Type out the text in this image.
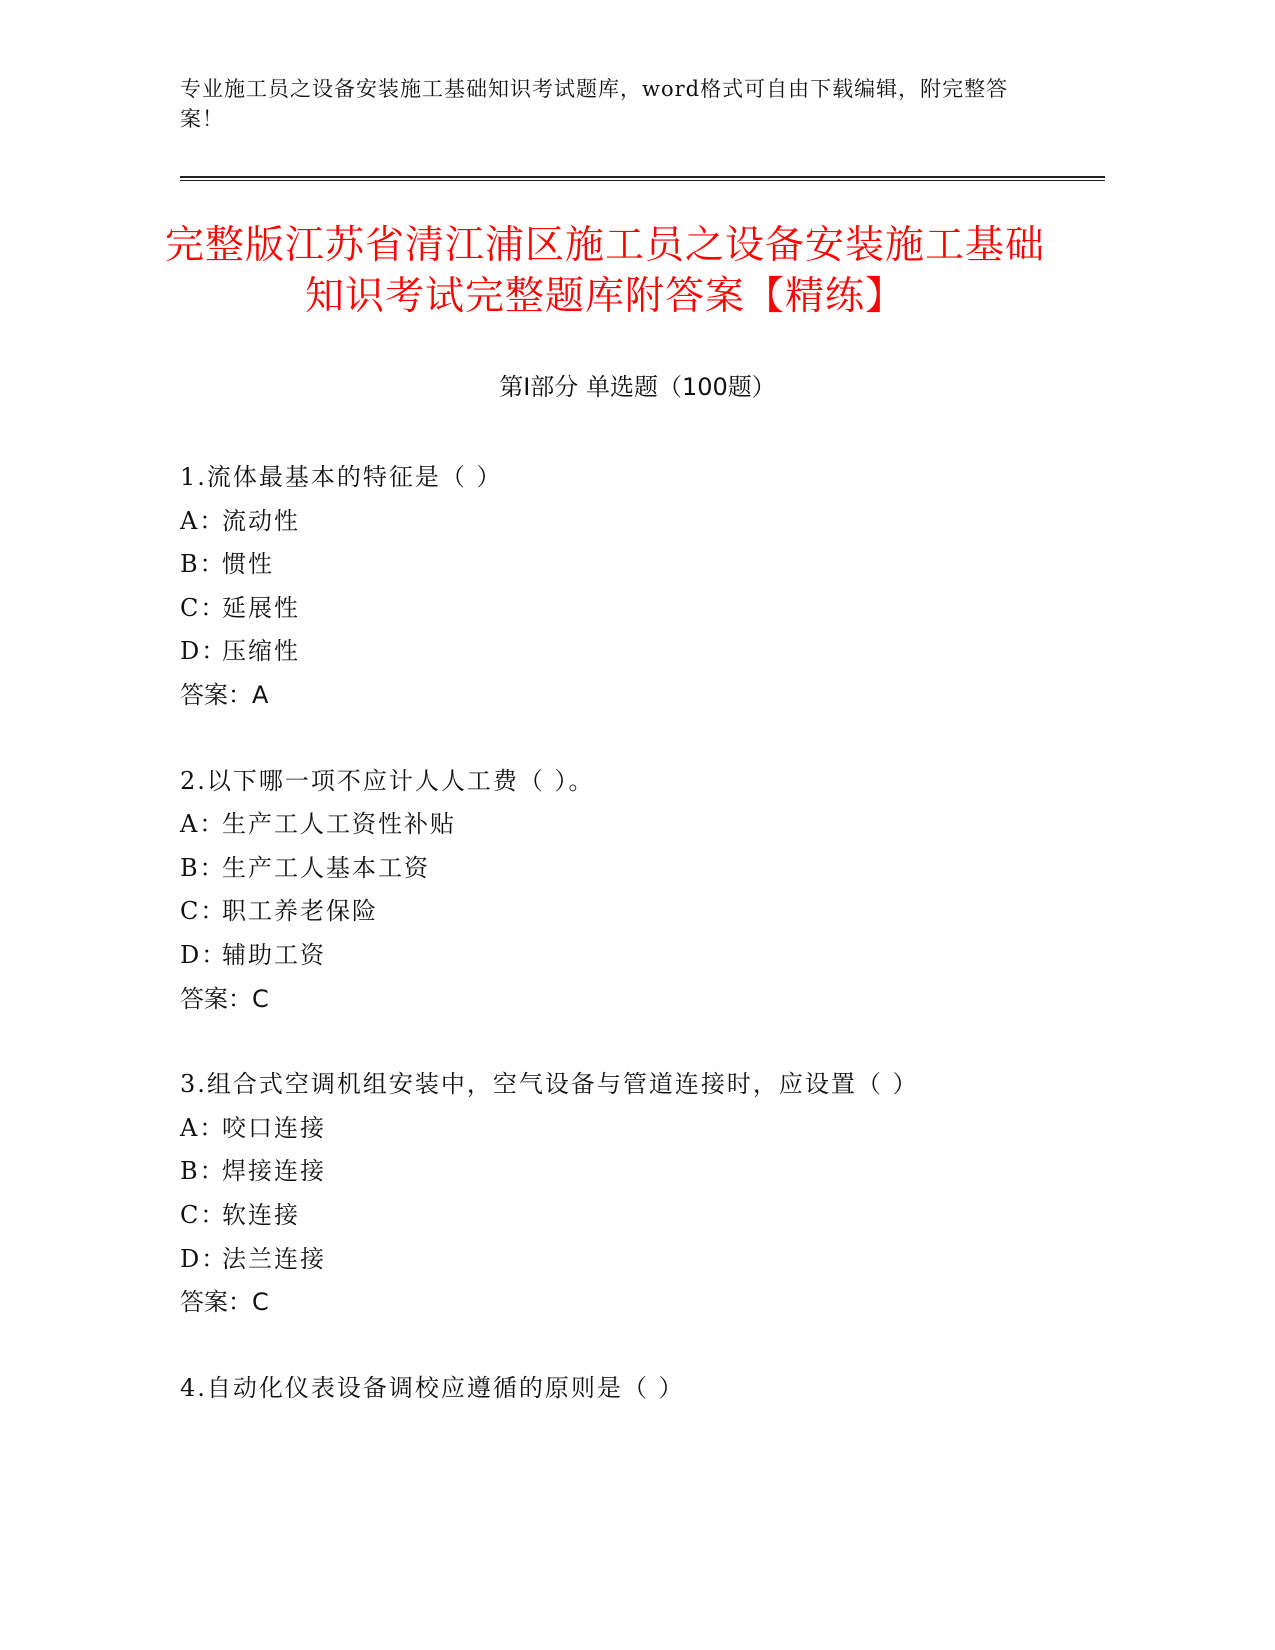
专业施工员之设备安装施工基础知识考试题库，word格式可自由下载编辑，附完整答案！
完整版江苏省清江浦区施工员之设备安装施工基础知识考试完整题库附答案【精练】
第Ⅰ部分 单选题（100题）
1.流体最基本的特征是（ ）
A：流动性
B：惯性
C：延展性
D：压缩性
答案：A
2.以下哪一项不应计人人工费（ ）。
A：生产工人工资性补贴
B：生产工人基本工资
C：职工养老保险
D：辅助工资
答案：C
3.组合式空调机组安装中，空气设备与管道连接时，应设置（ ）
A：咬口连接
B：焊接连接
C：软连接
D：法兰连接
答案：C
4.自动化仪表设备调校应遵循的原则是（ ）
